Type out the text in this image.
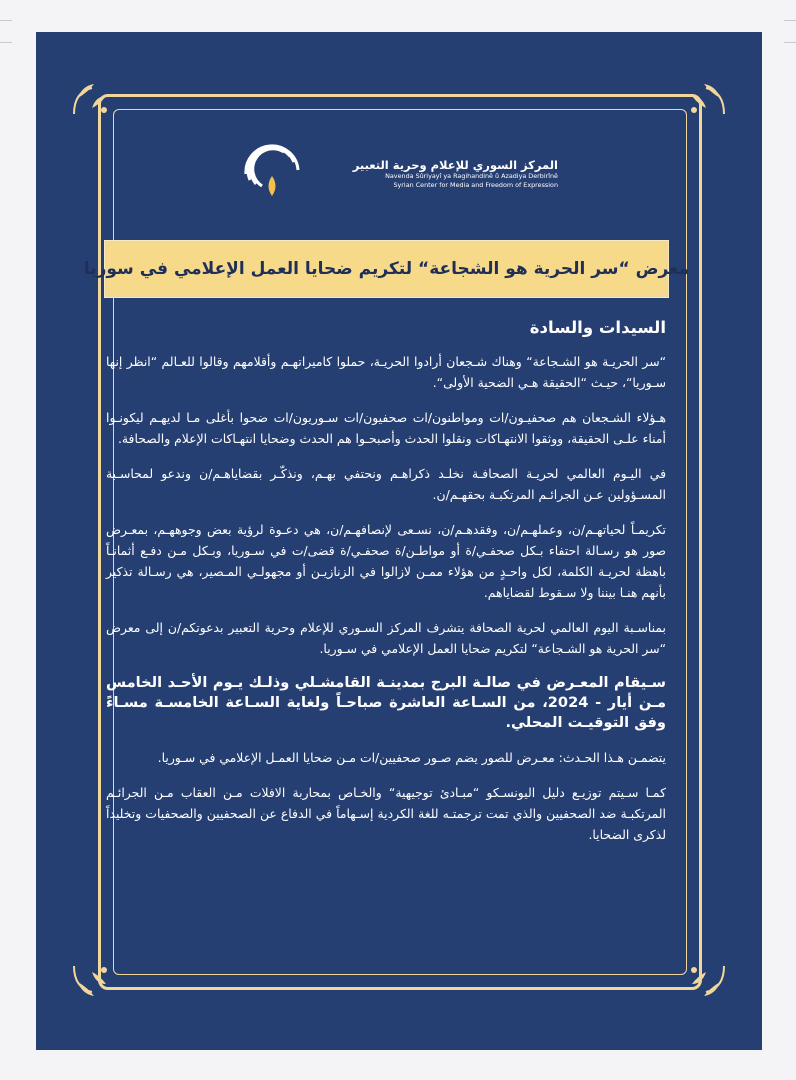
المركز السوري للإعلام وحرية التعبير
Navenda Sûriyayî ya Ragihandinê û Azadiya Derbirînê
Syrian Center for Media and Freedom of Expression
معرض “سر الحرية هو الشجاعة“ لتكريم ضحايا العمل الإعلامي في سوريا
السيدات والسادة

“سر الحريـة هو الشـجاعة“ وهناك شـجعان أرادوا الحريـة، حملوا كاميراتهـم وأقلامهم وقالوا للعـالم “انظر إنها سـوريا“، حيـث “الحقيقة هـي الضحية الأولى“.

هـؤلاء الشـجعان هم صحفيـون/ات ومواطنون/ات صحفيون/ات سـوريون/ات ضحوا بأغلى مـا لديهـم ليكونـوا أمناء علـى الحقيقة، ووثقوا الانتهـاكات ونقلوا الحدث وأصبحـوا هم الحدث وضحايا انتهـاكات الإعلام والصحافة.

في اليـوم العالمي لحريـة الصحافـة نخلـد ذكراهـم ونحتفي بهـم، ونذكّـر بقضاياهـم/ن وندعو لمحاسـبة المسـؤولين عـن الجرائـم المرتكبـة بحقهـم/ن.

تكريمـاً لحياتهـم/ن، وعملهـم/ن، وفقدهـم/ن، نسـعى لإنصافهـم/ن، هي دعـوة لرؤية بعض وجوههـم، بمعـرض صور هو رسـالة احتفاء بـكل صحفـي/ة أو مواطـن/ة صحفـي/ة قضى/ت في سـوريا، وبـكل مـن دفـع أثمانـاً باهظة لحريـة الكلمة، لكل واحـدٍ من هؤلاء ممـن لازالوا في الزنازيـن أو مجهولـي المـصير، هي رسـالة تذكير بأنهم هنـا بيننا ولا سـقوط لقضاياهم.

بمناسـبة اليوم العالمي لحرية الصحافة يتشرف المركز السـوري للإعلام وحرية التعبير بدعوتكم/ن إلى معرض “سر الحرية هو الشـجاعة“ لتكريم ضحايا العمل الإعلامي في سـوريا.

سـيقام المعـرض في صالـة البرج بمدينـة القامشـلي وذلـك يـوم الأحـد الخامس مـن أيار - 2024، من السـاعة العاشرة صباحـاً ولغاية السـاعة الخامسـة مسـاءً وفق التوقيـت المحلي.

يتضمـن هـذا الحـدث: معـرض للصور يضم صـور صحفيين/ات مـن ضحايا العمـل الإعلامي في سـوريا.

كمـا سـيتم توزيـع دليل اليونسـكو “مبـادئ توجيهية“ والخـاص بمحاربة الافلات مـن العقاب مـن الجرائـم المرتكبـة ضد الصحفيين والذي تمت ترجمتـه للغة الكردية إسـهاماً في الدفاع عن الصحفيين والصحفيات وتخليداً لذكرى الضحايا.
